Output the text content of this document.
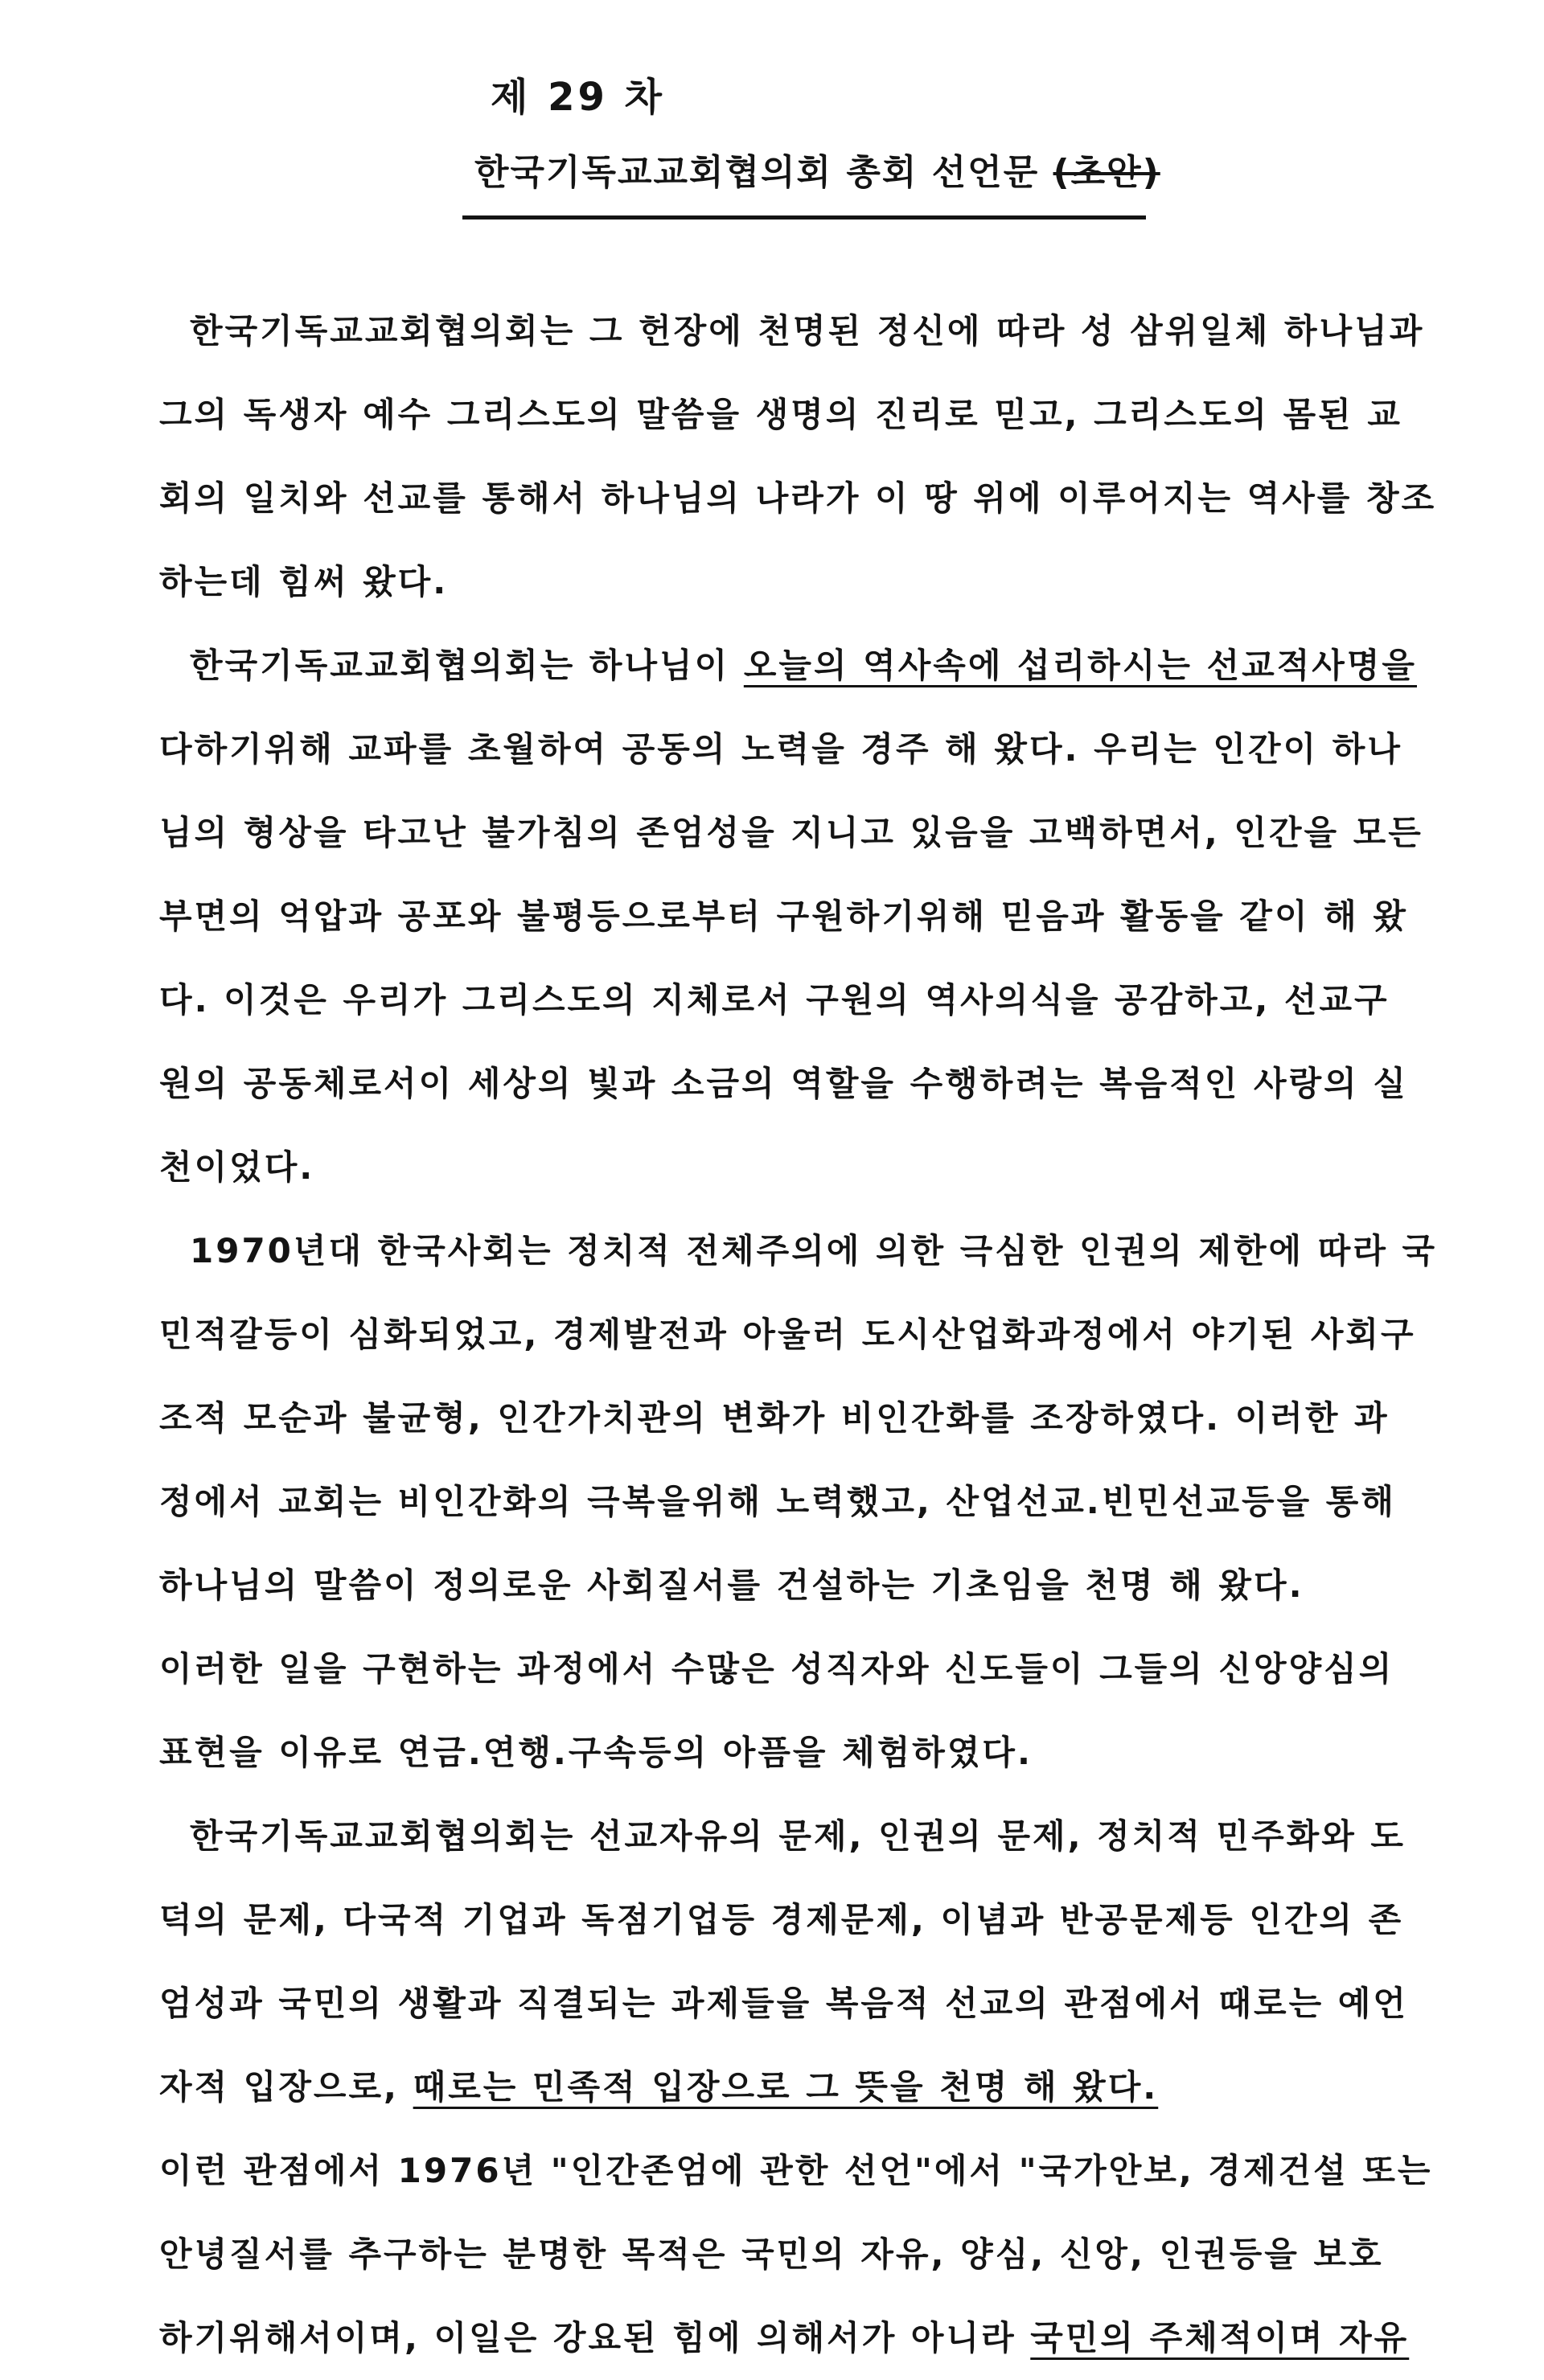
제 29 차
한국기독교교회협의회 총회 선언문 (초안)
한국기독교교회협의회는 그 헌장에 천명된 정신에 따라 성 삼위일체 하나님과
그의 독생자 예수 그리스도의 말씀을 생명의 진리로 믿고, 그리스도의 몸된 교
회의 일치와 선교를 통해서 하나님의 나라가 이 땅 위에 이루어지는 역사를 창조
하는데 힘써 왔다.
한국기독교교회협의회는 하나님이 오늘의 역사속에 섭리하시는 선교적사명을
다하기위해 교파를 초월하여 공동의 노력을 경주 해 왔다. 우리는 인간이 하나
님의 형상을 타고난 불가침의 존엄성을 지니고 있음을 고백하면서, 인간을 모든
부면의 억압과 공포와 불평등으로부터 구원하기위해 믿음과 활동을 같이 해 왔
다. 이것은 우리가 그리스도의 지체로서 구원의 역사의식을 공감하고, 선교구
원의 공동체로서이 세상의 빛과 소금의 역할을 수행하려는 복음적인 사랑의 실
천이었다.
1970년대 한국사회는 정치적 전체주의에 의한 극심한 인권의 제한에 따라 국
민적갈등이 심화되었고, 경제발전과 아울러 도시산업화과정에서 야기된 사회구
조적 모순과 불균형, 인간가치관의 변화가 비인간화를 조장하였다. 이러한 과
정에서 교회는 비인간화의 극복을위해 노력했고, 산업선교.빈민선교등을 통해
하나님의 말씀이 정의로운 사회질서를 건설하는 기초임을 천명 해 왔다.
이러한 일을 구현하는 과정에서 수많은 성직자와 신도들이 그들의 신앙양심의
표현을 이유로 연금.연행.구속등의 아픔을 체험하였다.
한국기독교교회협의회는 선교자유의 문제, 인권의 문제, 정치적 민주화와 도
덕의 문제, 다국적 기업과 독점기업등 경제문제, 이념과 반공문제등 인간의 존
엄성과 국민의 생활과 직결되는 과제들을 복음적 선교의 관점에서 때로는 예언
자적 입장으로, 때로는 민족적 입장으로 그 뜻을 천명 해 왔다.
이런 관점에서 1976년 "인간존엄에 관한 선언"에서 "국가안보, 경제건설 또는
안녕질서를 추구하는 분명한 목적은 국민의 자유, 양심, 신앙, 인권등을 보호
하기위해서이며, 이일은 강요된 힘에 의해서가 아니라 국민의 주체적이며 자유
